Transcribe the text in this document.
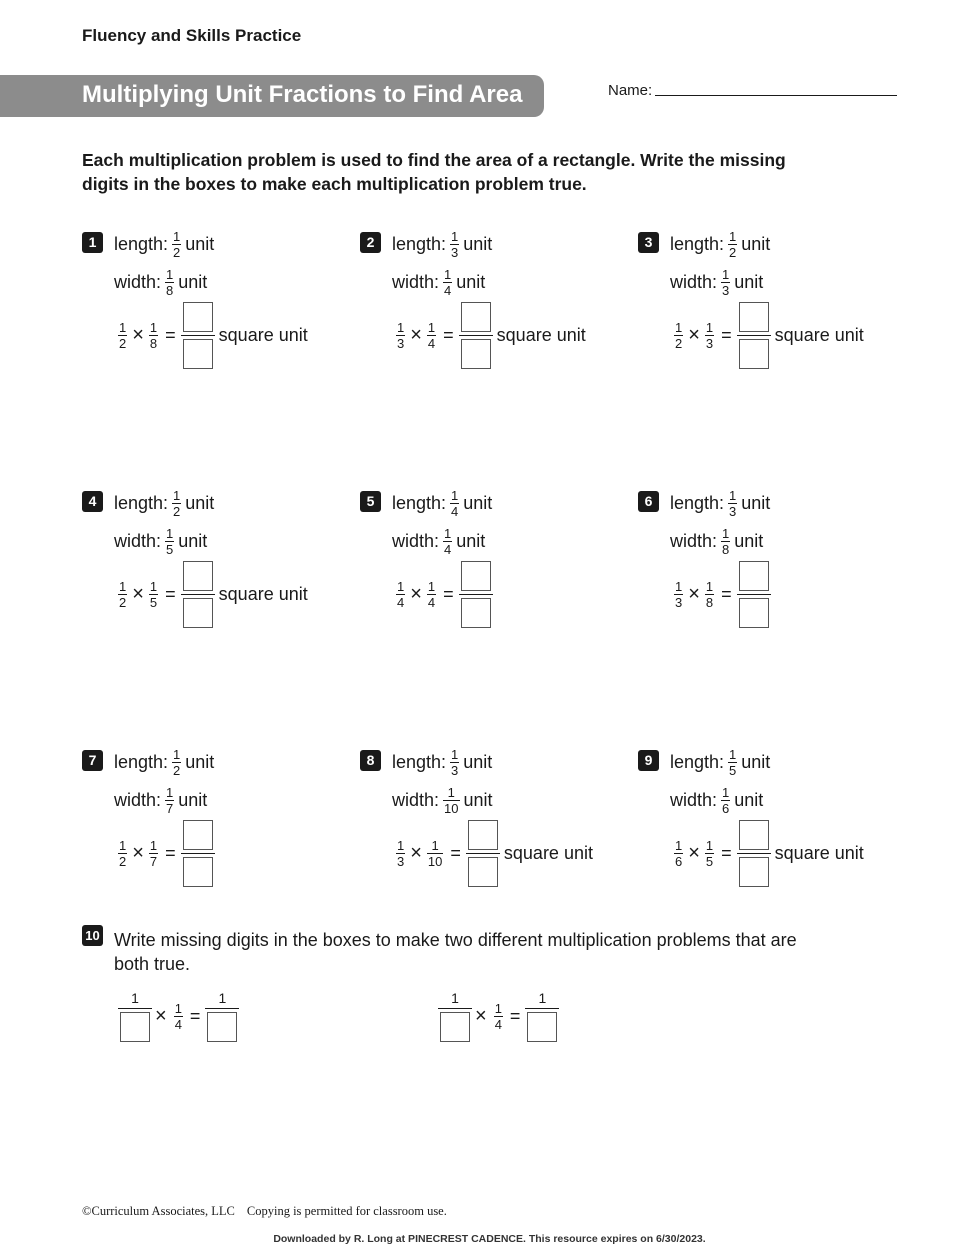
Fluency and Skills Practice
Multiplying Unit Fractions to Find Area	Name:
Each multiplication problem is used to find the area of a rectangle. Write the missing digits in the boxes to make each multiplication problem true.
1 length: $\frac{1}{2}$ unit
width: $\frac{1}{8}$ unit
$\frac{1}{2} \times \frac{1}{8}$ = square unit
2 length: $\frac{1}{3}$ unit
width: $\frac{1}{4}$ unit
$\frac{1}{3} \times \frac{1}{4}$ = square unit
3 length: $\frac{1}{2}$ unit
width: $\frac{1}{3}$ unit
$\frac{1}{2} \times \frac{1}{3}$ = square unit
4 length: $\frac{1}{2}$ unit
width: $\frac{1}{5}$ unit
$\frac{1}{2} \times \frac{1}{5}$ = square unit
5 length: $\frac{1}{4}$ unit
width: $\frac{1}{4}$ unit
$\frac{1}{4} \times \frac{1}{4}$ =
6 length: $\frac{1}{3}$ unit
width: $\frac{1}{8}$ unit
$\frac{1}{3} \times \frac{1}{8}$ =
7 length: $\frac{1}{2}$ unit
width: $\frac{1}{7}$ unit
$\frac{1}{2} \times \frac{1}{7}$ =
8 length: $\frac{1}{3}$ unit
width: $\frac{1}{10}$ unit
$\frac{1}{3} \times \frac{1}{10}$ = square unit
9 length: $\frac{1}{5}$ unit
width: $\frac{1}{6}$ unit
$\frac{1}{6} \times \frac{1}{5}$ = square unit
10 Write missing digits in the boxes to make two different multiplication problems that are both true.
1
× $\frac{1}{4}$ =
1	1
× $\frac{1}{4}$ =
1
©Curriculum Associates, LLC Copying is permitted for classroom use.
Downloaded by R. Long at PINECREST CADENCE. This resource expires on 6/30/2023.
